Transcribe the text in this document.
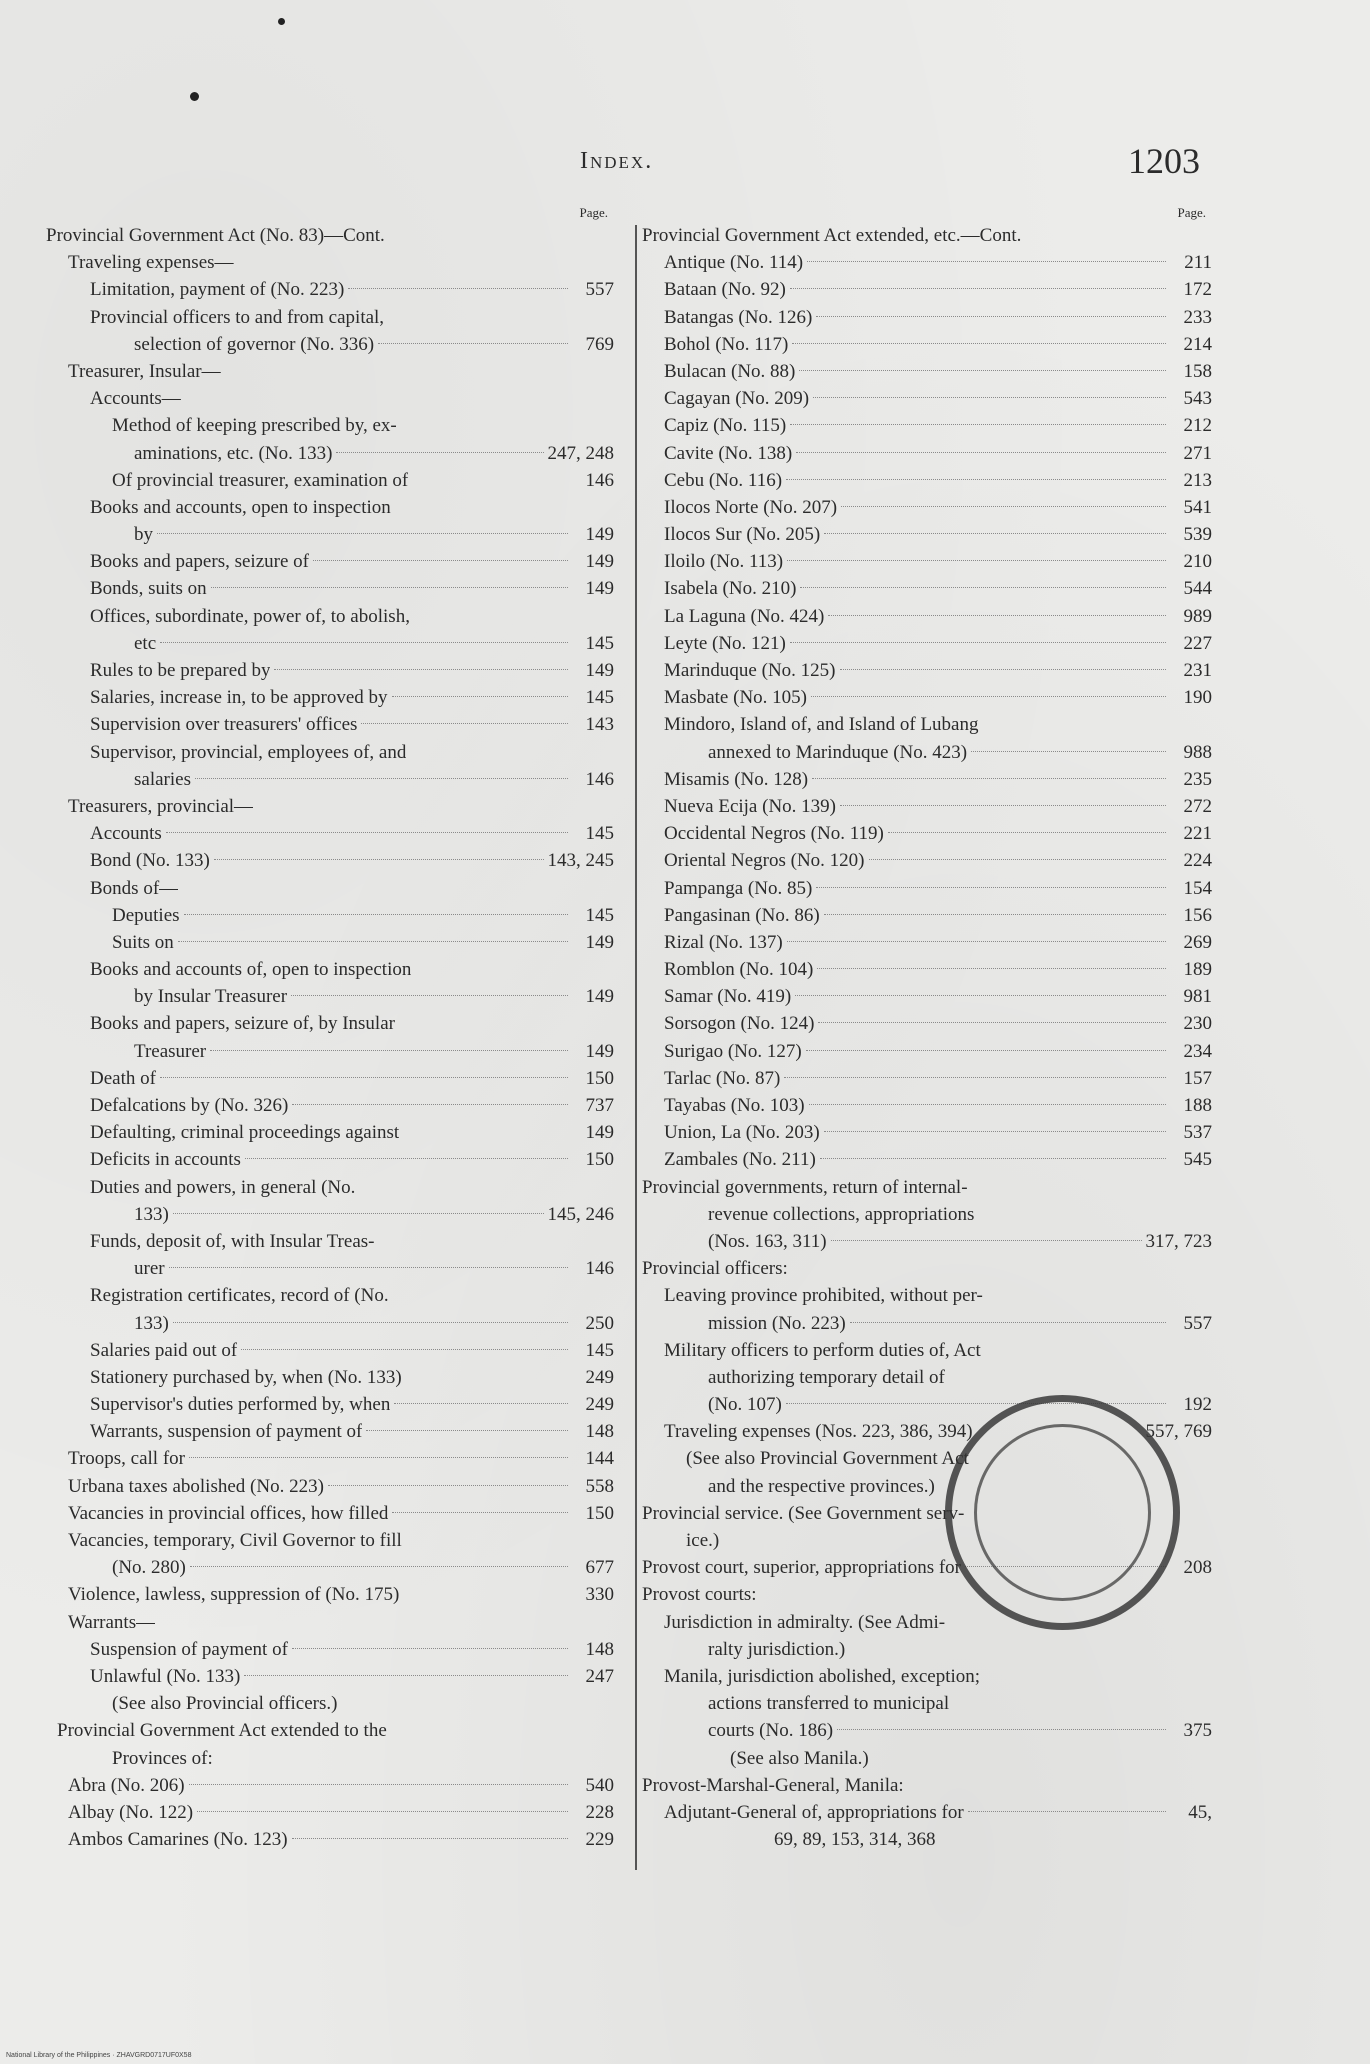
Index.	1203
Page.
Provincial Government Act (No. 83)—Cont.
Traveling expenses—
Limitation, payment of (No. 223)	557
Provincial officers to and from capital,
selection of governor (No. 336)	769
Treasurer, Insular—
Accounts—
Method of keeping prescribed by, ex-
aminations, etc. (No. 133)	247, 248
Of provincial treasurer, examination of	146
Books and accounts, open to inspection
by	149
Books and papers, seizure of	149
Bonds, suits on	149
Offices, subordinate, power of, to abolish,
etc	145
Rules to be prepared by	149
Salaries, increase in, to be approved by	145
Supervision over treasurers' offices	143
Supervisor, provincial, employees of, and
salaries	146
Treasurers, provincial—
Accounts	145
Bond (No. 133)	143, 245
Bonds of—
Deputies	145
Suits on	149
Books and accounts of, open to inspection
by Insular Treasurer	149
Books and papers, seizure of, by Insular
Treasurer	149
Death of	150
Defalcations by (No. 326)	737
Defaulting, criminal proceedings against	149
Deficits in accounts	150
Duties and powers, in general (No.
133)	145, 246
Funds, deposit of, with Insular Treas-
urer	146
Registration certificates, record of (No.
133)	250
Salaries paid out of	145
Stationery purchased by, when (No. 133)	249
Supervisor's duties performed by, when	249
Warrants, suspension of payment of	148
Troops, call for	144
Urbana taxes abolished (No. 223)	558
Vacancies in provincial offices, how filled	150
Vacancies, temporary, Civil Governor to fill
(No. 280)	677
Violence, lawless, suppression of (No. 175)	330
Warrants—
Suspension of payment of	148
Unlawful (No. 133)	247
(See also Provincial officers.)
Provincial Government Act extended to the
Provinces of:
Abra (No. 206)	540
Albay (No. 122)	228
Ambos Camarines (No. 123)	229
Page.
Provincial Government Act extended, etc.—Cont.
Antique (No. 114)	211
Bataan (No. 92)	172
Batangas (No. 126)	233
Bohol (No. 117)	214
Bulacan (No. 88)	158
Cagayan (No. 209)	543
Capiz (No. 115)	212
Cavite (No. 138)	271
Cebu (No. 116)	213
Ilocos Norte (No. 207)	541
Ilocos Sur (No. 205)	539
Iloilo (No. 113)	210
Isabela (No. 210)	544
La Laguna (No. 424)	989
Leyte (No. 121)	227
Marinduque (No. 125)	231
Masbate (No. 105)	190
Mindoro, Island of, and Island of Lubang
annexed to Marinduque (No. 423)	988
Misamis (No. 128)	235
Nueva Ecija (No. 139)	272
Occidental Negros (No. 119)	221
Oriental Negros (No. 120)	224
Pampanga (No. 85)	154
Pangasinan (No. 86)	156
Rizal (No. 137)	269
Romblon (No. 104)	189
Samar (No. 419)	981
Sorsogon (No. 124)	230
Surigao (No. 127)	234
Tarlac (No. 87)	157
Tayabas (No. 103)	188
Union, La (No. 203)	537
Zambales (No. 211)	545
Provincial governments, return of internal-
revenue collections, appropriations
(Nos. 163, 311)	317, 723
Provincial officers:
Leaving province prohibited, without per-
mission (No. 223)	557
Military officers to perform duties of, Act
authorizing temporary detail of
(No. 107)	192
Traveling expenses (Nos. 223, 386, 394)	557, 769
(See also Provincial Government Act
and the respective provinces.)
Provincial service. (See Government serv-
ice.)
Provost court, superior, appropriations for	208
Provost courts:
Jurisdiction in admiralty. (See Admi-
ralty jurisdiction.)
Manila, jurisdiction abolished, exception;
actions transferred to municipal
courts (No. 186)	375
(See also Manila.)
Provost-Marshal-General, Manila:
Adjutant-General of, appropriations for	45,
69, 89, 153, 314, 368
National Library of the Philippines · ZHAVGRD0717UF0X58
